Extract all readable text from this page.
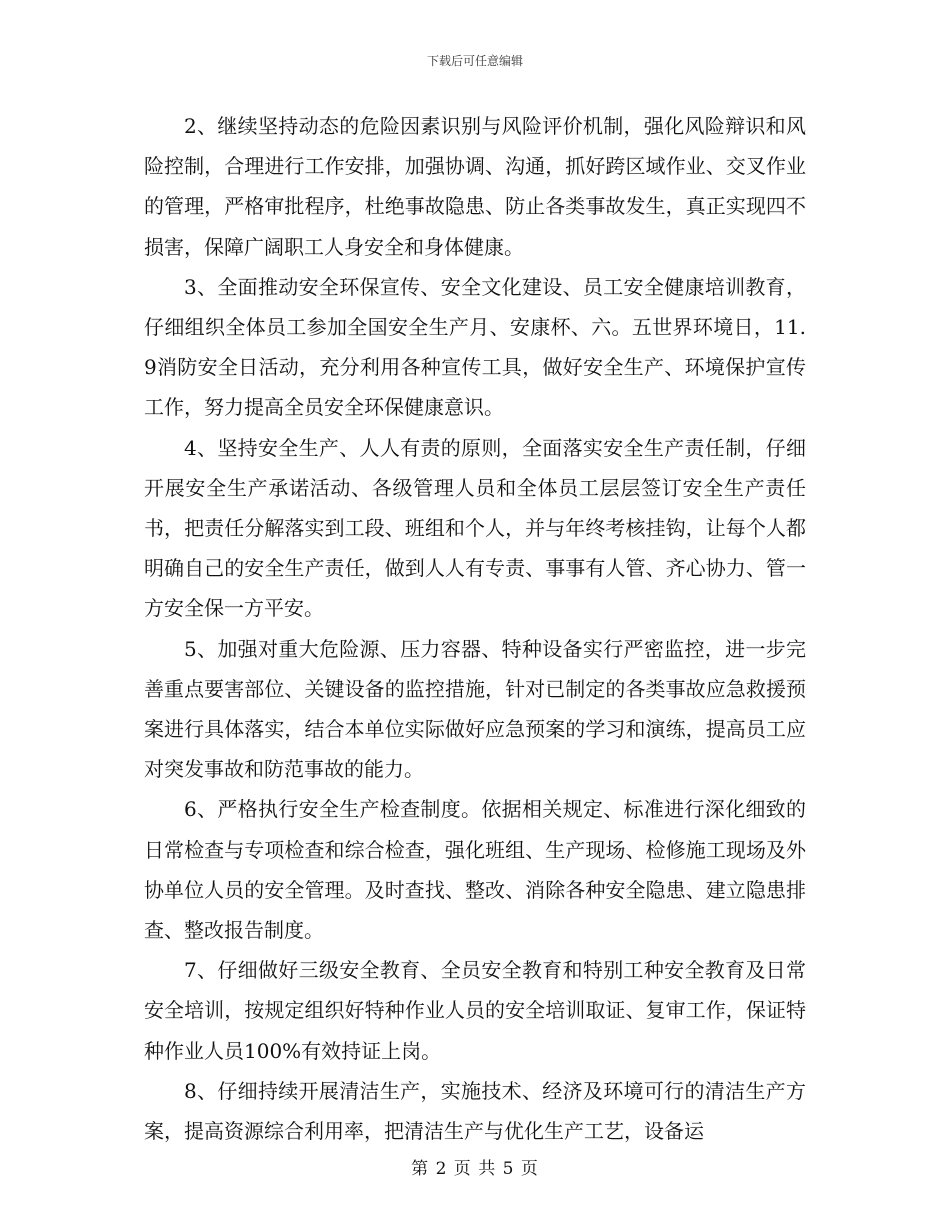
下载后可任意编辑

2、继续坚持动态的危险因素识别与风险评价机制，强化风险辩识和风险控制，合理进行工作安排，加强协调、沟通，抓好跨区域作业、交叉作业的管理，严格审批程序，杜绝事故隐患、防止各类事故发生，真正实现四不损害，保障广阔职工人身安全和身体健康。

3、全面推动安全环保宣传、安全文化建设、员工安全健康培训教育，仔细组织全体员工参加全国安全生产月、安康杯、六。五世界环境日，11.9消防安全日活动，充分利用各种宣传工具，做好安全生产、环境保护宣传工作，努力提高全员安全环保健康意识。

4、坚持安全生产、人人有责的原则，全面落实安全生产责任制，仔细开展安全生产承诺活动、各级管理人员和全体员工层层签订安全生产责任书，把责任分解落实到工段、班组和个人，并与年终考核挂钩，让每个人都明确自己的安全生产责任，做到人人有专责、事事有人管、齐心协力、管一方安全保一方平安。

5、加强对重大危险源、压力容器、特种设备实行严密监控，进一步完善重点要害部位、关键设备的监控措施，针对已制定的各类事故应急救援预案进行具体落实，结合本单位实际做好应急预案的学习和演练，提高员工应对突发事故和防范事故的能力。

6、严格执行安全生产检查制度。依据相关规定、标准进行深化细致的日常检查与专项检查和综合检查，强化班组、生产现场、检修施工现场及外协单位人员的安全管理。及时查找、整改、消除各种安全隐患、建立隐患排查、整改报告制度。

7、仔细做好三级安全教育、全员安全教育和特别工种安全教育及日常安全培训，按规定组织好特种作业人员的安全培训取证、复审工作，保证特种作业人员100%有效持证上岗。

8、仔细持续开展清洁生产，实施技术、经济及环境可行的清洁生产方案，提高资源综合利用率，把清洁生产与优化生产工艺，设备运

第 2 页 共 5 页
